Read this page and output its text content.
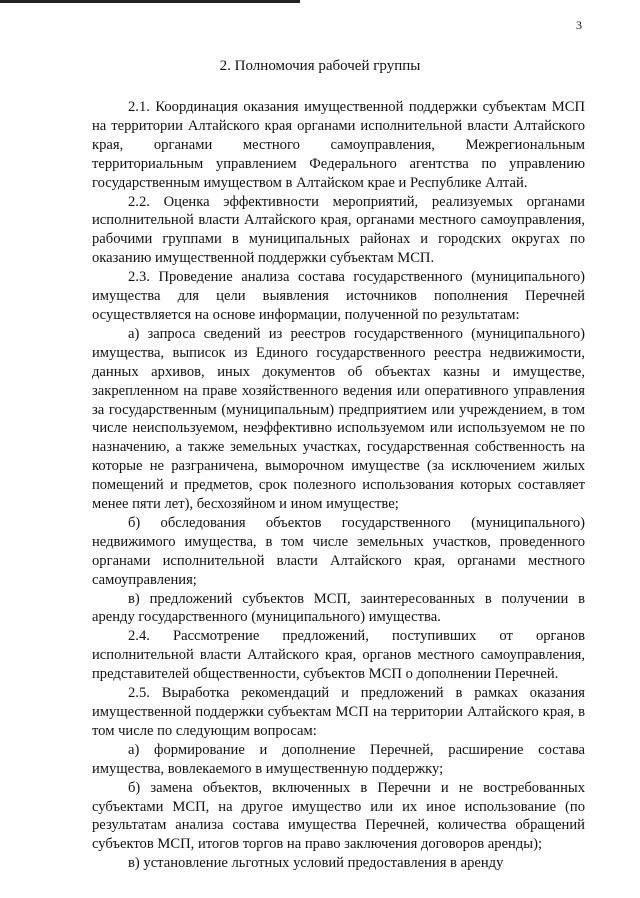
3
2. Полномочия рабочей группы

2.1. Координация оказания имущественной поддержки субъектам МСП на территории Алтайского края органами исполнительной власти Алтайского края, органами местного самоуправления, Межрегиональным территориальным управлением Федерального агентства по управлению государственным имуществом в Алтайском крае и Республике Алтай.

2.2. Оценка эффективности мероприятий, реализуемых органами исполнительной власти Алтайского края, органами местного самоуправления, рабочими группами в муниципальных районах и городских округах по оказанию имущественной поддержки субъектам МСП.

2.3. Проведение анализа состава государственного (муниципального) имущества для цели выявления источников пополнения Перечней осуществляется на основе информации, полученной по результатам:

а) запроса сведений из реестров государственного (муниципального) имущества, выписок из Единого государственного реестра недвижимости, данных архивов, иных документов об объектах казны и имуществе, закрепленном на праве хозяйственного ведения или оперативного управления за государственным (муниципальным) предприятием или учреждением, в том числе неиспользуемом, неэффективно используемом или используемом не по назначению, а также земельных участках, государственная собственность на которые не разграничена, выморочном имуществе (за исключением жилых помещений и предметов, срок полезного использования которых составляет менее пяти лет), бесхозяйном и ином имуществе;

б) обследования объектов государственного (муниципального) недвижимого имущества, в том числе земельных участков, проведенного органами исполнительной власти Алтайского края, органами местного самоуправления;

в) предложений субъектов МСП, заинтересованных в получении в аренду государственного (муниципального) имущества.

2.4. Рассмотрение предложений, поступивших от органов исполнительной власти Алтайского края, органов местного самоуправления, представителей общественности, субъектов МСП о дополнении Перечней.

2.5. Выработка рекомендаций и предложений в рамках оказания имущественной поддержки субъектам МСП на территории Алтайского края, в том числе по следующим вопросам:

а) формирование и дополнение Перечней, расширение состава имущества, вовлекаемого в имущественную поддержку;

б) замена объектов, включенных в Перечни и не востребованных субъектами МСП, на другое имущество или их иное использование (по результатам анализа состава имущества Перечней, количества обращений субъектов МСП, итогов торгов на право заключения договоров аренды);

в) установление льготных условий предоставления в аренду
